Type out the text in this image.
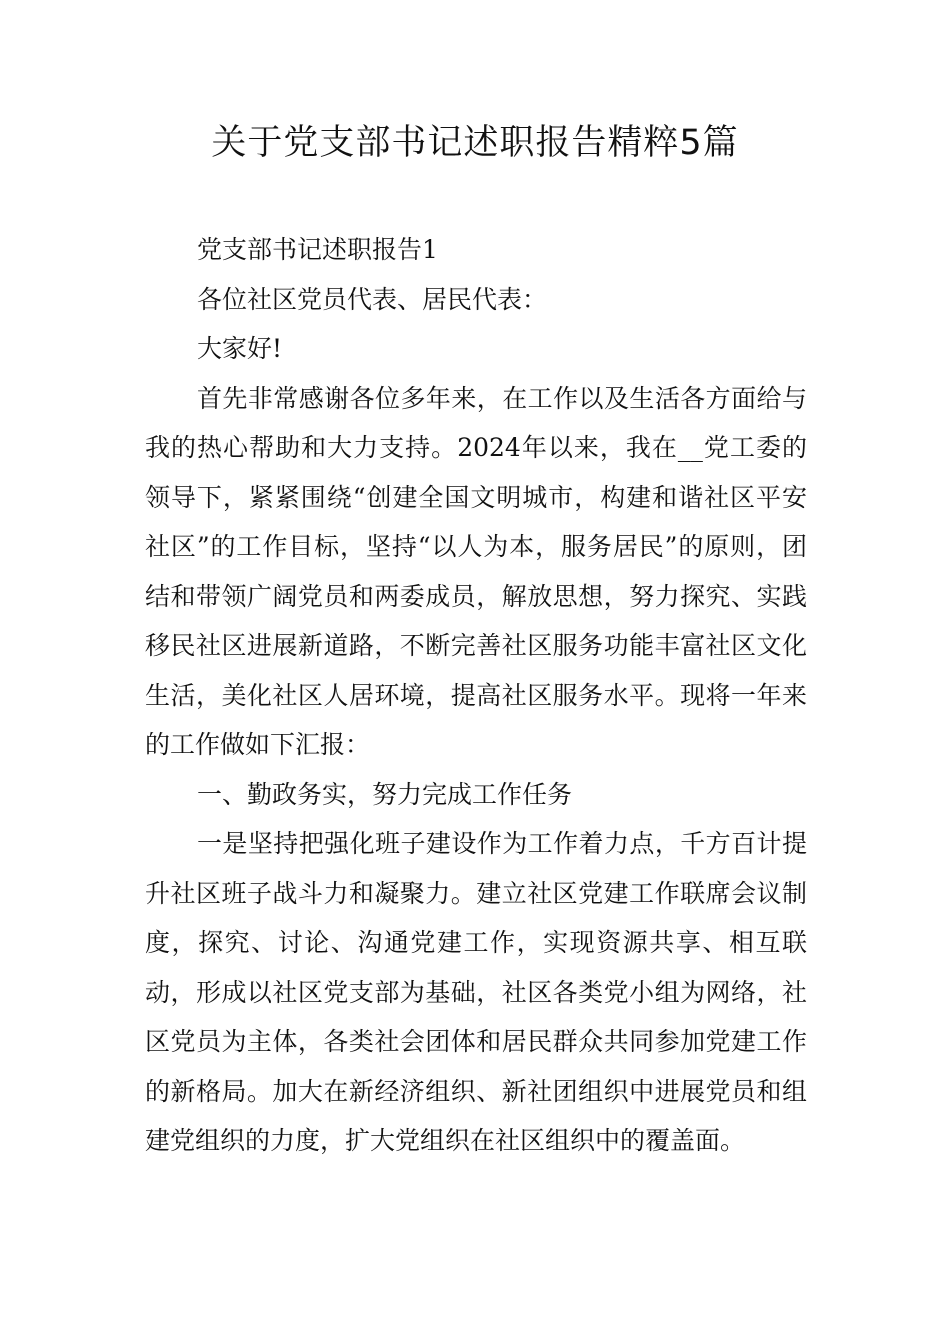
关于党支部书记述职报告精粹5篇

党支部书记述职报告1

各位社区党员代表、居民代表：

大家好!

首先非常感谢各位多年来，在工作以及生活各方面给与我的热心帮助和大力支持。2024年以来，我在__党工委的领导下，紧紧围绕“创建全国文明城市，构建和谐社区平安社区”的工作目标，坚持“以人为本，服务居民”的原则，团结和带领广阔党员和两委成员，解放思想，努力探究、实践移民社区进展新道路，不断完善社区服务功能丰富社区文化生活，美化社区人居环境，提高社区服务水平。现将一年来的工作做如下汇报：

一、勤政务实，努力完成工作任务

一是坚持把强化班子建设作为工作着力点，千方百计提升社区班子战斗力和凝聚力。建立社区党建工作联席会议制度，探究、讨论、沟通党建工作，实现资源共享、相互联动，形成以社区党支部为基础，社区各类党小组为网络，社区党员为主体，各类社会团体和居民群众共同参加党建工作的新格局。加大在新经济组织、新社团组织中进展党员和组建党组织的力度，扩大党组织在社区组织中的覆盖面。
